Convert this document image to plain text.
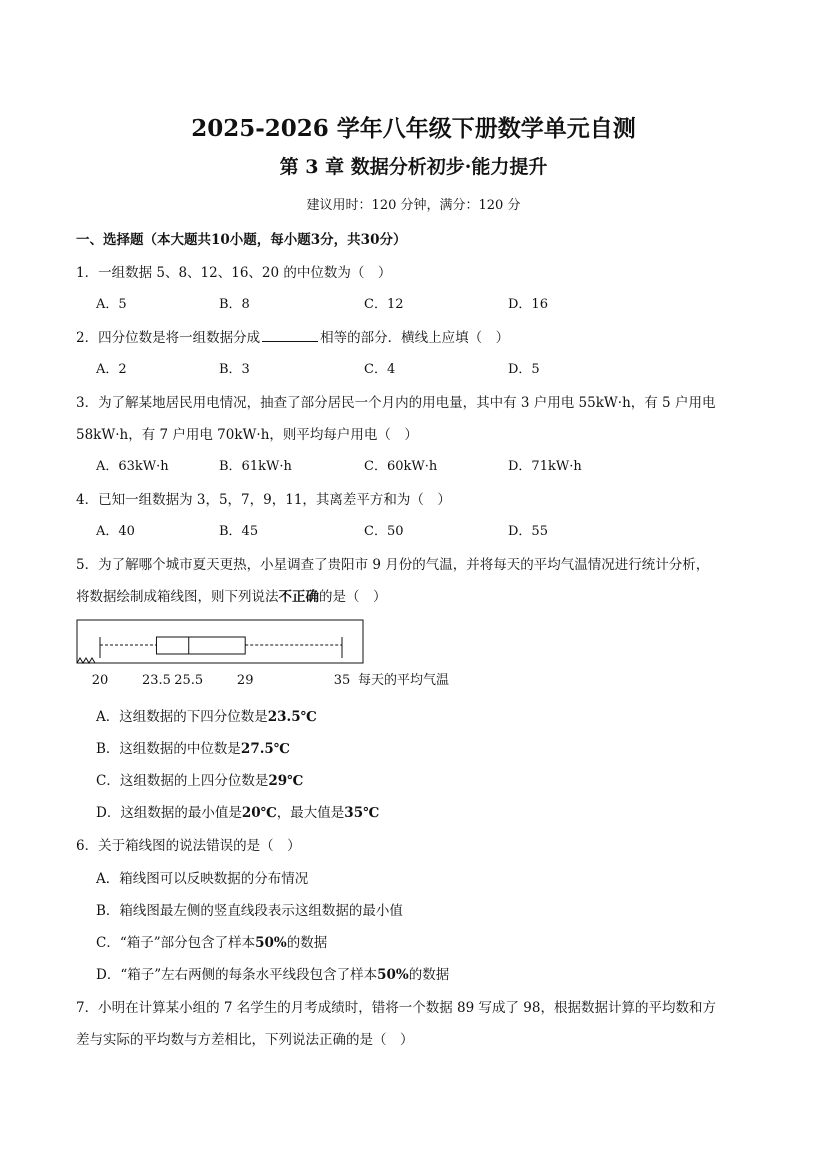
2025-2026 学年八年级下册数学单元自测
第 3 章 数据分析初步·能力提升
建议用时：120 分钟，满分：120 分
一、选择题（本大题共10小题，每小题3分，共30分）
1．一组数据 5、8、12、16、20 的中位数为（　）
A．5	B．8	C．12	D．16
2．四分位数是将一组数据分成	相等的部分．横线上应填（　）
A．2	B．3	C．4	D．5
3．为了解某地居民用电情况，抽查了部分居民一个月内的用电量，其中有 3 户用电 55kW·h，有 5 户用电
58kW·h，有 7 户用电 70kW·h，则平均每户用电（　）
A．63kW·h	B．61kW·h	C．60kW·h	D．71kW·h
4．已知一组数据为 3，5，7，9，11，其离差平方和为（　）
A．40	B．45	C．50	D．55
5．为了解哪个城市夏天更热，小星调查了贵阳市 9 月份的气温，并将每天的平均气温情况进行统计分析，
将数据绘制成箱线图，则下列说法不正确的是（　）
20	23.5 25.5	29	35 每天的平均气温
A．这组数据的下四分位数是23.5℃
B．这组数据的中位数是27.5℃
C．这组数据的上四分位数是29℃
D．这组数据的最小值是20℃，最大值是35℃
6．关于箱线图的说法错误的是（　）
A．箱线图可以反映数据的分布情况
B．箱线图最左侧的竖直线段表示这组数据的最小值
C．“箱子”部分包含了样本50%的数据
D．“箱子”左右两侧的每条水平线段包含了样本50%的数据
7．小明在计算某小组的 7 名学生的月考成绩时，错将一个数据 89 写成了 98，根据数据计算的平均数和方
差与实际的平均数与方差相比，下列说法正确的是（　）
